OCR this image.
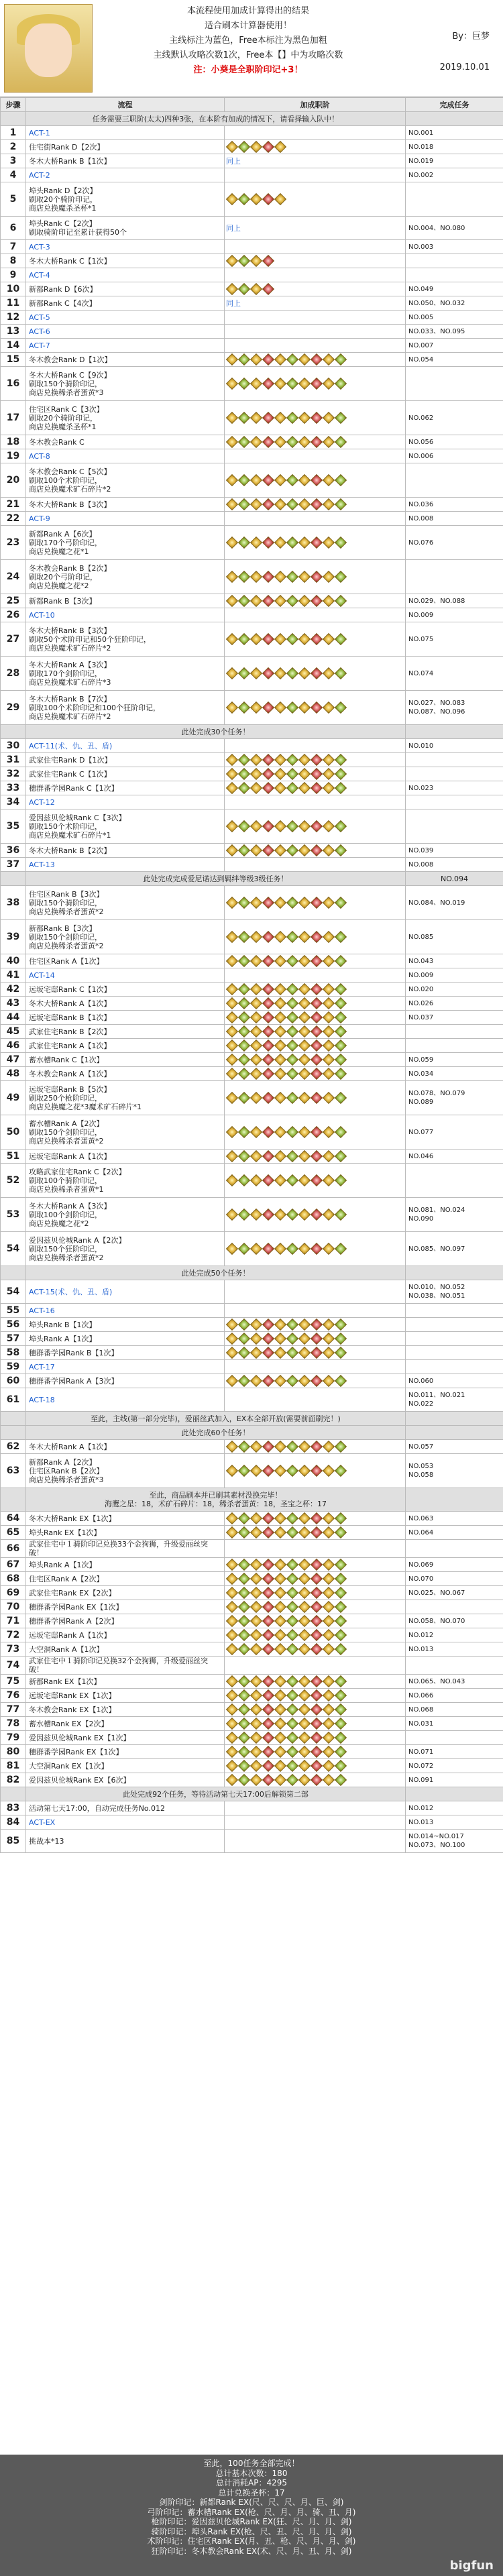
本流程使用加成计算得出的结果
适合刷本计算器使用！
主线标注为蓝色，Free本标注为黑色加粗
主线默认攻略次数1次，Free本【】中为攻略次数
注：小葵是全职阶印记+3！
By：巨梦
2019.10.01
步骤	流程	加成职阶	完成任务
	任务需要三职阶(太太)四种3张，在本阶有加成的情况下，请看择输入队中！		
1	ACT-1		NO.001
2	住宅街Rank D【2次】		NO.018
3	冬木大桥Rank B【1次】	同上	NO.019
4	ACT-2		NO.002
5	埠头Rank D【2次】
刷取20个骑阶印记，
商店兑换魔杀圣杯*1		
6	埠头Rank C【2次】
刷取骑阶印记至累计获得50个	同上	NO.004、NO.080
7	ACT-3		NO.003
8	冬木大桥Rank C【1次】		
9	ACT-4		
10	新都Rank D【6次】		NO.049
11	新都Rank C【4次】	同上	NO.050、NO.032
12	ACT-5		NO.005
13	ACT-6		NO.033、NO.095
14	ACT-7		NO.007
15	冬木教会Rank D【1次】		NO.054
16	冬木大桥Rank C【9次】
刷取150个骑阶印记，
商店兑换稀杀者蛋黄*3		
17	住宅区Rank C【3次】
刷取20个骑阶印记，
商店兑换魔杀圣杯*1		NO.062
18	冬木教会Rank C		NO.056
19	ACT-8		NO.006
20	冬木教会Rank C【5次】
刷取100个术阶印记，
商店兑换魔术矿石碎片*2		
21	冬木大桥Rank B【3次】		NO.036
22	ACT-9		NO.008
23	新都Rank A【6次】
刷取170个弓阶印记，
商店兑换魔之花*1		NO.076
24	冬木教会Rank B【2次】
刷取20个弓阶印记，
商店兑换魔之花*2		
25	新都Rank B【3次】		NO.029、NO.088
26	ACT-10		NO.009
27	冬木大桥Rank B【3次】
刷取50个术阶印记和50个狂阶印记，
商店兑换魔术矿石碎片*2		NO.075
28	冬木大桥Rank A【3次】
刷取170个剑阶印记，
商店兑换魔术矿石碎片*3		NO.074
29	冬木大桥Rank B【7次】
刷取100个术阶印记和100个狂阶印记，
商店兑换魔术矿石碎片*2		NO.027、NO.083
NO.087、NO.096
	此处完成30个任务！		
30	ACT-11(术、仇、丑、盾)		NO.010
31	武家住宅Rank D【1次】		
32	武家住宅Rank C【1次】		
33	穗群番学园Rank C【1次】		NO.023
34	ACT-12		
35	爱因兹贝伦城Rank C【3次】
刷取150个术阶印记，
商店兑换魔术矿石碎片*1		
36	冬木大桥Rank B【2次】		NO.039
37	ACT-13		NO.008
	此处完成完成爱尼诺达到羁绊等级3级任务！		NO.094
38	住宅区Rank B【3次】
刷取150个骑阶印记，
商店兑换稀杀者蛋黄*2		NO.084、NO.019
39	新都Rank B【3次】
刷取150个剑阶印记，
商店兑换稀杀者蛋黄*2		NO.085
40	住宅区Rank A【1次】		NO.043
41	ACT-14		NO.009
42	远坂宅邸Rank C【1次】		NO.020
43	冬木大桥Rank A【1次】		NO.026
44	远坂宅邸Rank B【1次】		NO.037
45	武家住宅Rank B【2次】		
46	武家住宅Rank A【1次】		
47	蓄水槽Rank C【1次】		NO.059
48	冬木教会Rank A【1次】		NO.034
49	远坂宅邸Rank B【5次】
刷取250个枪阶印记，
商店兑换魔之花*3魔术矿石碎片*1		NO.078、NO.079
NO.089
50	蓄水槽Rank A【2次】
刷取150个剑阶印记，
商店兑换稀杀者蛋黄*2		NO.077
51	远坂宅邸Rank A【1次】		NO.046
52	攻略武家住宅Rank C【2次】
刷取100个骑阶印记，
商店兑换稀杀者蛋黄*1		
53	冬木大桥Rank A【3次】
刷取100个剑阶印记，
商店兑换魔之花*2		NO.081、NO.024
NO.090
54	爱因兹贝伦城Rank A【2次】
刷取150个狂阶印记，
商店兑换稀杀者蛋黄*2		NO.085、NO.097
	此处完成50个任务！		
54	ACT-15(术、仇、丑、盾)		NO.010、NO.052
NO.038、NO.051
55	ACT-16		
56	埠头Rank B【1次】		
57	埠头Rank A【1次】		
58	穗群番学园Rank B【1次】		
59	ACT-17		
60	穗群番学园Rank A【3次】		NO.060
61	ACT-18		NO.011、NO.021
NO.022
	至此，主线(第一部分完毕)，爱丽丝武加入，EX本全部开放(需要前面刷完！)		
	此处完成60个任务！		
62	冬木大桥Rank A【1次】		NO.057
63	新都Rank A【2次】
住宅区Rank B【2次】
商店兑换稀杀者蛋黄*3		NO.053
NO.058
	至此，商品刷本并已刷其素材没换完毕！
海鹰之星：18，术矿石碎片：18，稀杀者蛋黄：18，圣宝之杯：17		
64	冬木大桥Rank EX【1次】		NO.063
65	埠头Rank EX【1次】		NO.064
66	武家住宅中１骑阶印记兑换33个金狗狮，升级爱丽丝突破！		
67	埠头Rank A【1次】		NO.069
68	住宅区Rank A【2次】		NO.070
69	武家住宅Rank EX【2次】		NO.025、NO.067
70	穗群番学园Rank EX【1次】		
71	穗群番学园Rank A【2次】		NO.058、NO.070
72	远坂宅邸Rank A【1次】		NO.012
73	大空洞Rank A【1次】		NO.013
74	武家住宅中１骑阶印记兑换32个金狗狮，升级爱丽丝突破！		
75	新都Rank EX【1次】		NO.065、NO.043
76	远坂宅邸Rank EX【1次】		NO.066
77	冬木教会Rank EX【1次】		NO.068
78	蓄水槽Rank EX【2次】		NO.031
79	爱因兹贝伦城Rank EX【1次】		
80	穗群番学园Rank EX【1次】		NO.071
81	大空洞Rank EX【1次】		NO.072
82	爱因兹贝伦城Rank EX【6次】		NO.091
	此处完成92个任务，等待活动第七天17:00后解锁第二部		
83	活动第七天17:00，自动完成任务No.012		NO.012
84	ACT-EX		NO.013
85	挑战本*13		NO.014~NO.017
NO.073、NO.100
至此，100任务全部完成！
总计基本次数：180
总计消耗AP：4295
总计兑换圣杯：17
剑阶印记：新都Rank EX(尺、尺、尺、月、巨、剑)
弓阶印记：蓄水槽Rank EX(枪、尺、月、月、骑、丑、月)
枪阶印记：爱因兹贝伦城Rank EX(狂、尺、月、月、剑)
骑阶印记：埠头Rank EX(枪、尺、丑、尺、月、月、剑)
术阶印记：住宅区Rank EX(月、丑、枪、尺、月、月、剑)
狂阶印记：冬木教会Rank EX(术、尺、月、丑、月、剑)
bigfun
